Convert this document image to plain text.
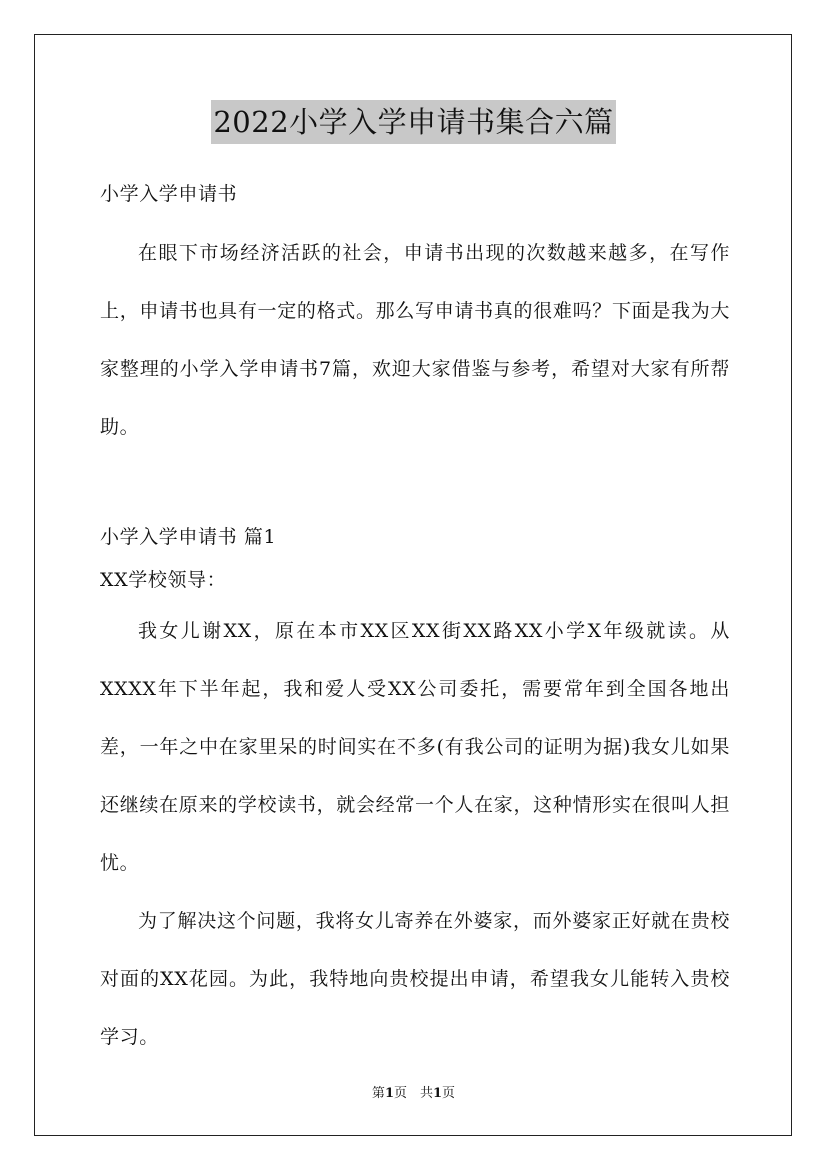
2022小学入学申请书集合六篇

小学入学申请书

在眼下市场经济活跃的社会，申请书出现的次数越来越多，在写作上，申请书也具有一定的格式。那么写申请书真的很难吗？下面是我为大家整理的小学入学申请书7篇，欢迎大家借鉴与参考，希望对大家有所帮助。

小学入学申请书 篇1

XX学校领导：

我女儿谢XX，原在本市XX区XX街XX路XX小学X年级就读。从XXXX年下半年起，我和爱人受XX公司委托，需要常年到全国各地出差，一年之中在家里呆的时间实在不多(有我公司的证明为据)我女儿如果还继续在原来的学校读书，就会经常一个人在家，这种情形实在很叫人担忧。

为了解决这个问题，我将女儿寄养在外婆家，而外婆家正好就在贵校对面的XX花园。为此，我特地向贵校提出申请，希望我女儿能转入贵校学习。

第1页　共1页
